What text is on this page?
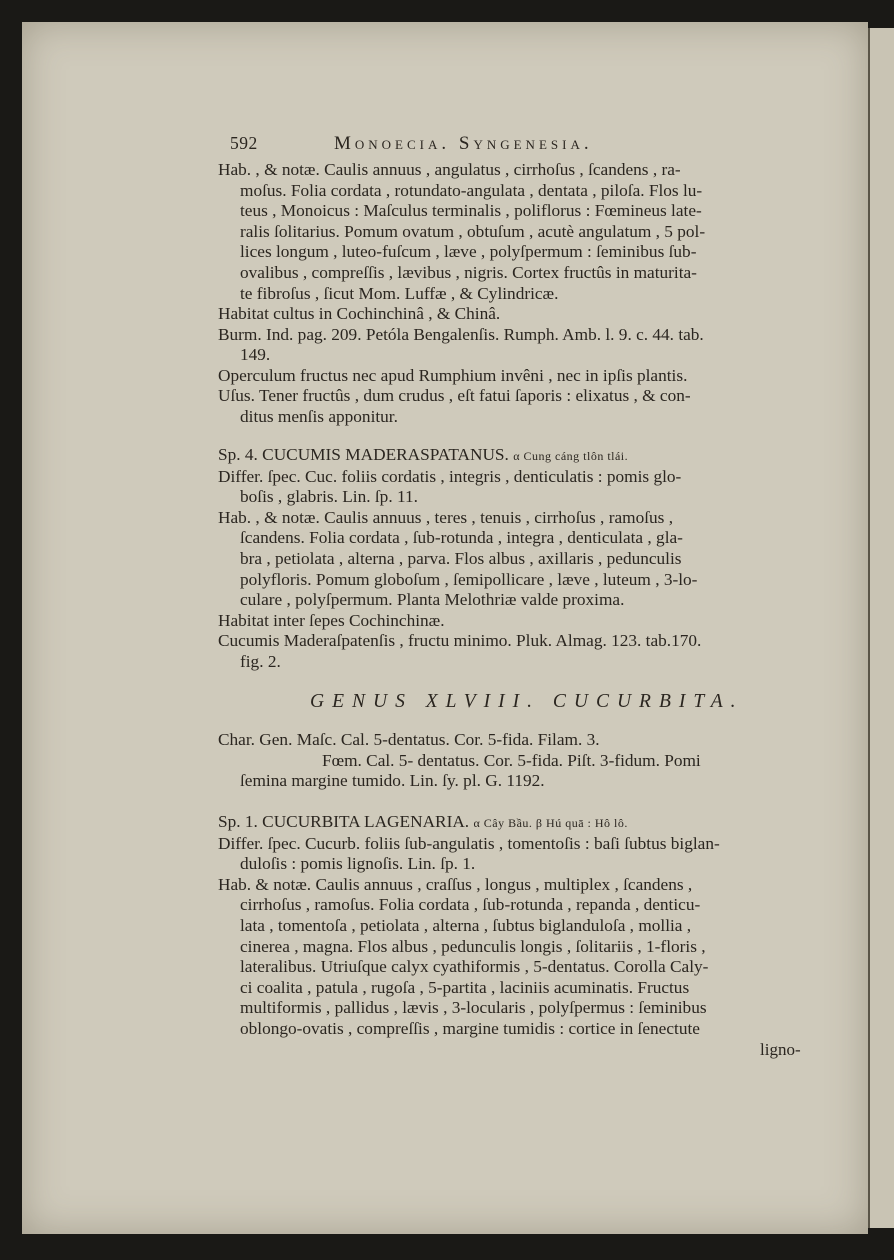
592	Monoecia. Syngenesia.
Hab. , & notæ. Caulis annuus , angulatus , cirrhoſus , ſcandens , ra-
moſus. Folia cordata , rotundato-angulata , dentata , piloſa. Flos lu-
teus , Monoicus : Maſculus terminalis , poliflorus : Fœmineus late-
ralis ſolitarius. Pomum ovatum , obtuſum , acutè angulatum , 5 pol-
lices longum , luteo-fuſcum , læve , polyſpermum : ſeminibus ſub-
ovalibus , compreſſis , lævibus , nigris. Cortex fructûs in maturita-
te fibroſus , ſicut Mom. Luffæ , & Cylindricæ.
Habitat cultus in Cochinchinâ , & Chinâ.
Burm. Ind. pag. 209. Petóla Bengalenſis. Rumph. Amb. l. 9. c. 44. tab.
149.
Operculum fructus nec apud Rumphium invêni , nec in ipſis plantis.
Uſus. Tener fructûs , dum crudus , eſt fatui ſaporis : elixatus , & con-
ditus menſis apponitur.
Sp. 4. CUCUMIS MADERASPATANUS. α Cung cáng tlôn tlái.
Differ. ſpec. Cuc. foliis cordatis , integris , denticulatis : pomis glo-
boſis , glabris. Lin. ſp. 11.
Hab. , & notæ. Caulis annuus , teres , tenuis , cirrhoſus , ramoſus ,
ſcandens. Folia cordata , ſub-rotunda , integra , denticulata , gla-
bra , petiolata , alterna , parva. Flos albus , axillaris , pedunculis
polyfloris. Pomum globoſum , ſemipollicare , læve , luteum , 3-lo-
culare , polyſpermum. Planta Melothriæ valde proxima.
Habitat inter ſepes Cochinchinæ.
Cucumis Maderaſpatenſis , fructu minimo. Pluk. Almag. 123. tab.170.
fig. 2.
Char. Gen. Maſc. Cal. 5-dentatus. Cor. 5-fida. Filam. 3.
Fœm. Cal. 5- dentatus. Cor. 5-fida. Piſt. 3-fidum. Pomi
ſemina margine tumido. Lin. ſy. pl. G. 1192.
Sp. 1. CUCURBITA LAGENARIA. α Cây Bầu. β Hú quā : Hô lô.
Differ. ſpec. Cucurb. foliis ſub-angulatis , tomentoſis : baſi ſubtus biglan-
duloſis : pomis lignoſis. Lin. ſp. 1.
Hab. & notæ. Caulis annuus , craſſus , longus , multiplex , ſcandens ,
cirrhoſus , ramoſus. Folia cordata , ſub-rotunda , repanda , denticu-
lata , tomentoſa , petiolata , alterna , ſubtus biglanduloſa , mollia ,
cinerea , magna. Flos albus , pedunculis longis , ſolitariis , 1-floris ,
lateralibus. Utriuſque calyx cyathiformis , 5-dentatus. Corolla Caly-
ci coalita , patula , rugoſa , 5-partita , laciniis acuminatis. Fructus
multiformis , pallidus , lævis , 3-locularis , polyſpermus : ſeminibus
oblongo-ovatis , compreſſis , margine tumidis : cortice in ſenectute
GENUS XLVIII. CUCURBITA.
ligno-
